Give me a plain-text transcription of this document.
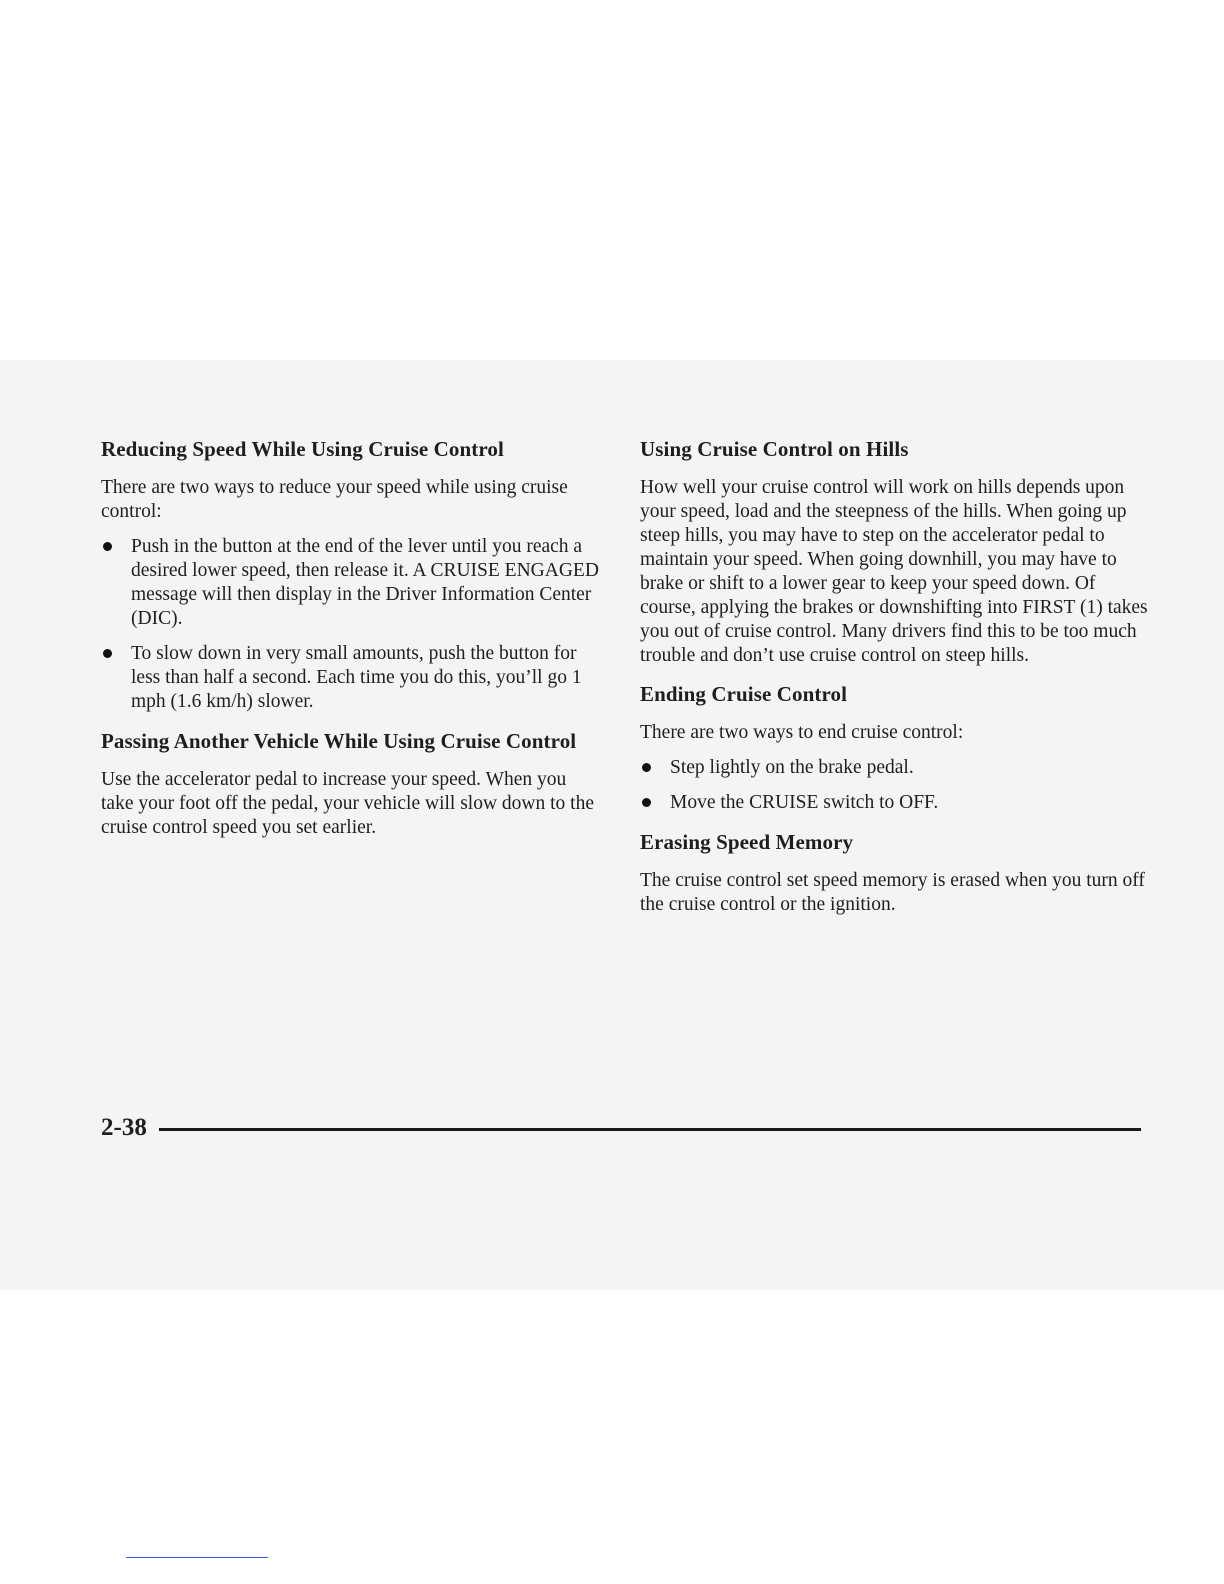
Reducing Speed While Using Cruise Control

There are two ways to reduce your speed while using cruise control:

Push in the button at the end of the lever until you reach a desired lower speed, then release it. A CRUISE ENGAGED message will then display in the Driver Information Center (DIC).
To slow down in very small amounts, push the button for less than half a second. Each time you do this, you’ll go 1 mph (1.6 km/h) slower.
Passing Another Vehicle While Using Cruise Control

Use the accelerator pedal to increase your speed. When you take your foot off the pedal, your vehicle will slow down to the cruise control speed you set earlier.

Using Cruise Control on Hills

How well your cruise control will work on hills depends upon your speed, load and the steepness of the hills. When going up steep hills, you may have to step on the accelerator pedal to maintain your speed. When going downhill, you may have to brake or shift to a lower gear to keep your speed down. Of course, applying the brakes or downshifting into FIRST (1) takes you out of cruise control. Many drivers find this to be too much trouble and don’t use cruise control on steep hills.

Ending Cruise Control

There are two ways to end cruise control:

Step lightly on the brake pedal.
Move the CRUISE switch to OFF.
Erasing Speed Memory

The cruise control set speed memory is erased when you turn off the cruise control or the ignition.

2-38
